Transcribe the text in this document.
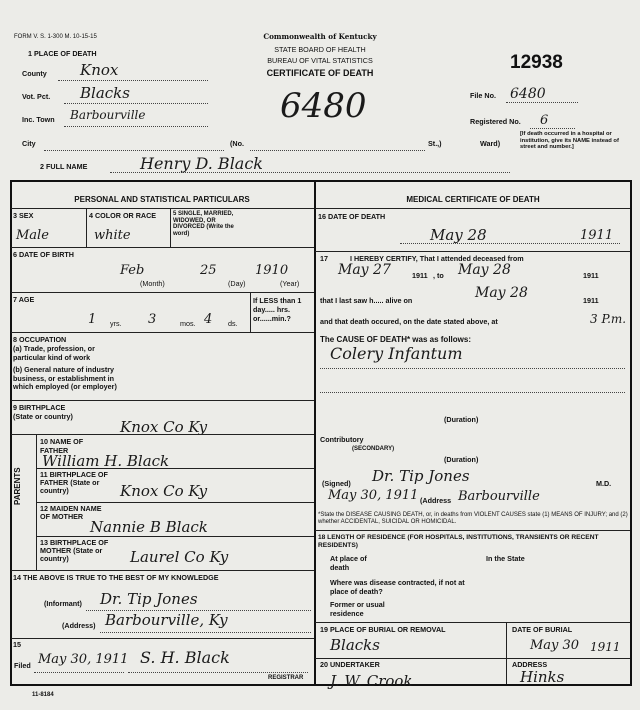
FORM V. S. 1-300 M. 10-15-15	Commonwealth of Kentucky
STATE BOARD OF HEALTH
BUREAU OF VITAL STATISTICS
CERTIFICATE OF DEATH	12938
6480
1 PLACE OF DEATH
County Knox
Vot. Pct. Blacks
Inc. Town Barbourville
City	(No.	St.,)	Ward)
File No. 6480
Registered No. 6
[If death occurred in a hospital or institution, give its NAME instead of street and number.]
2 FULL NAME	Henry D. Black
PERSONAL AND STATISTICAL PARTICULARS
3 SEX	4 COLOR OR RACE	5 SINGLE, MARRIED, WIDOWED, OR DIVORCED (Write the word)
Male	white
6 DATE OF BIRTH
Feb	25	1910
(Month)	(Day)	(Year)
7 AGE
1 yrs. 3	mos. 4 ds.
If LESS than 1 day..... hrs. or......min.?
8 OCCUPATION
(a) Trade, profession, or particular kind of work
(b) General nature of industry business, or establishment in which employed (or employer)
9 BIRTHPLACE (State or country)
Knox Co Ky
PARENTS
10 NAME OF FATHER
William H. Black
11 BIRTHPLACE OF FATHER (State or country)	Knox Co Ky
12 MAIDEN NAME OF MOTHER
Nannie B Black
13 BIRTHPLACE OF MOTHER (State or country)	Laurel Co Ky
14 THE ABOVE IS TRUE TO THE BEST OF MY KNOWLEDGE
(Informant) Dr. Tip Jones
(Address) Barbourville, Ky
15
Filed May 30, 1911 S. H. Black
REGISTRAR
MEDICAL CERTIFICATE OF DEATH
16 DATE OF DEATH
May 28	1911
17	I HEREBY CERTIFY, That I attended deceased from
May 27	1911 , to May 28	1911
that I last saw h..... alive on	May 28	1911
and that death occured, on the date stated above, at	3 P.m.
The CAUSE OF DEATH* was as follows:
Colery Infantum
(Duration)
Contributory
(SECONDARY)
(Duration)
(Signed) Dr. Tip Jones	M.D.
May 30, 1911 (Address Barbourville
*State the DISEASE CAUSING DEATH, or, in deaths from VIOLENT CAUSES state (1) MEANS OF INJURY; and (2) whether ACCIDENTAL, SUICIDAL OR HOMICIDAL.
18 LENGTH OF RESIDENCE (FOR HOSPITALS, INSTITUTIONS, TRANSIENTS OR RECENT RESIDENTS)
At place of death
In the State
Where was disease contracted, if not at place of death?
Former or usual residence
19 PLACE OF BURIAL OR REMOVAL
Blacks
DATE OF BURIAL
May 30 1911
20 UNDERTAKER
J. W. Crook
ADDRESS
Hinks
11-8184
